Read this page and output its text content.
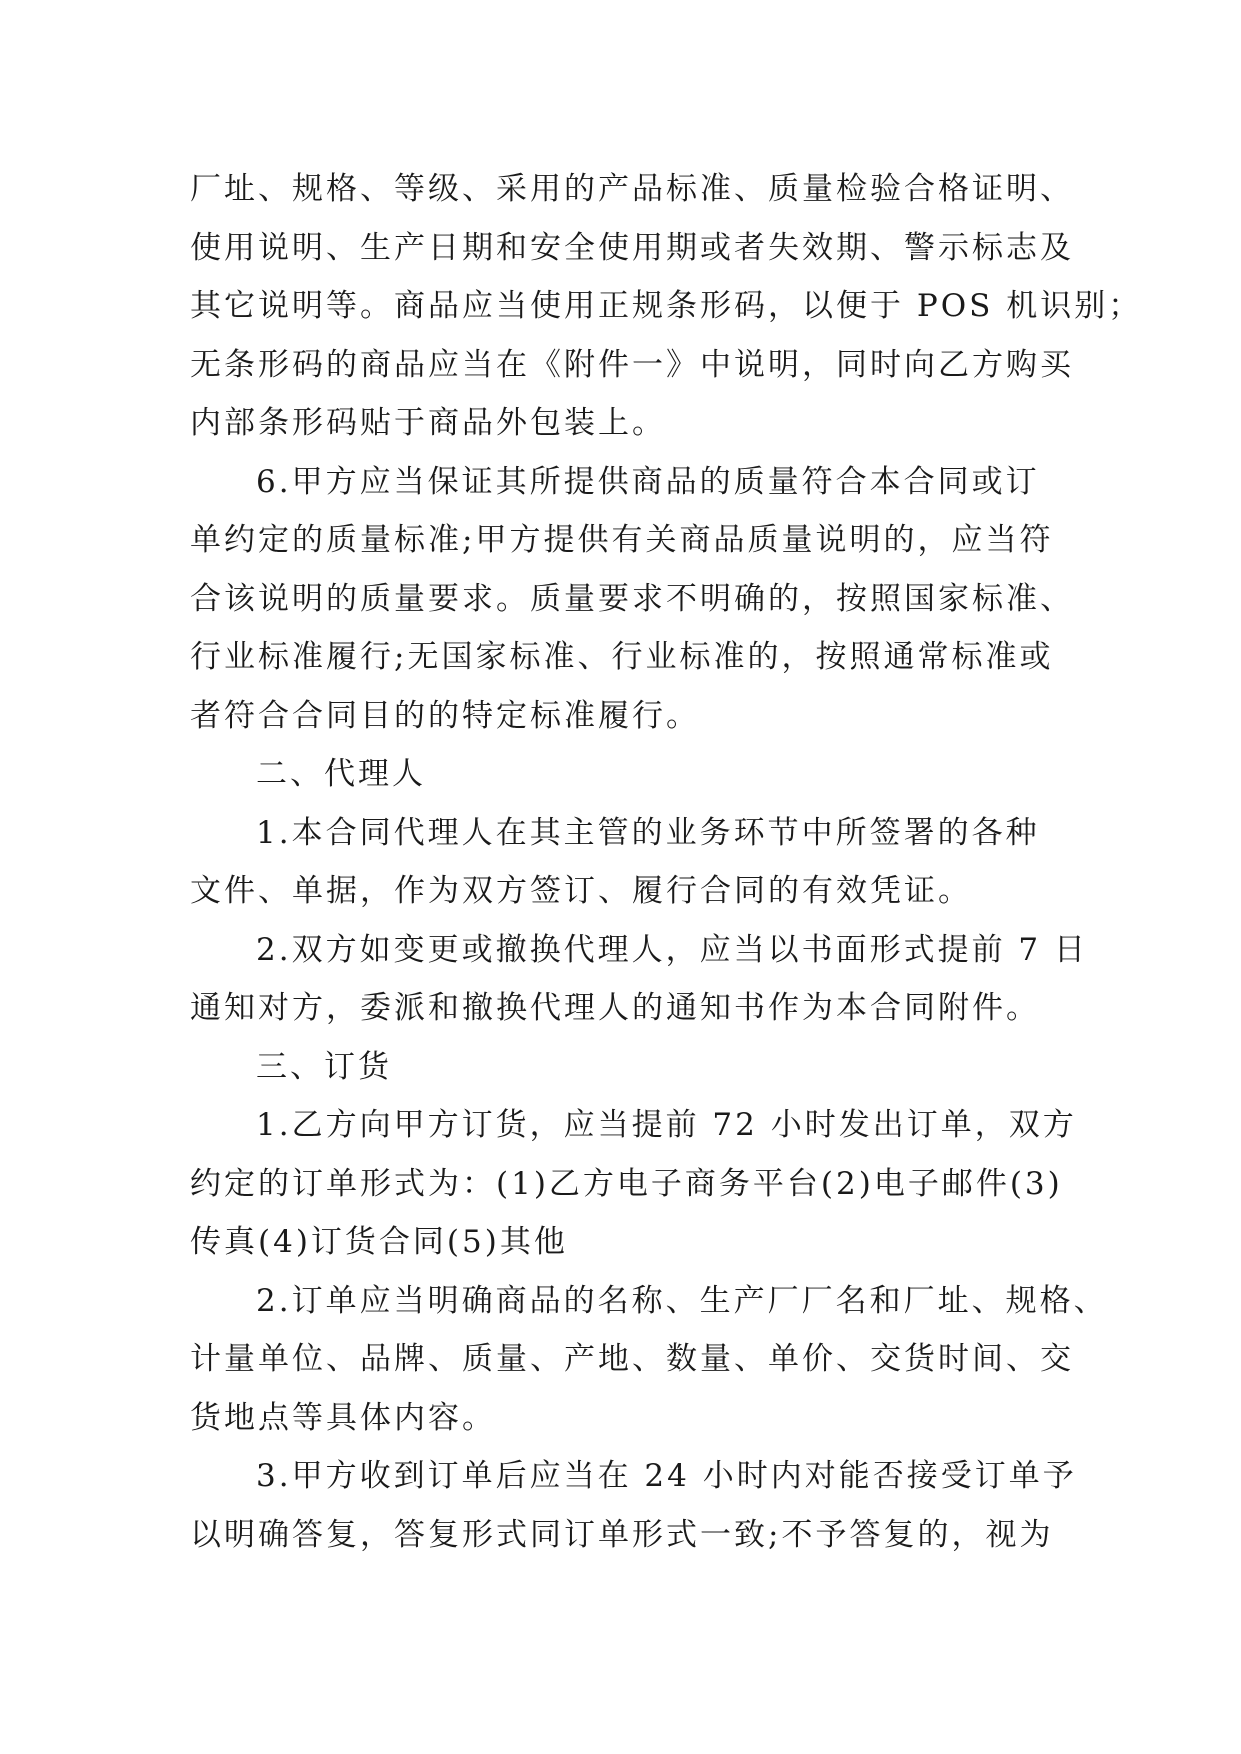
厂址、规格、等级、采用的产品标准、质量检验合格证明、
使用说明、生产日期和安全使用期或者失效期、警示标志及
其它说明等。商品应当使用正规条形码，以便于 POS 机识别；
无条形码的商品应当在《附件一》中说明，同时向乙方购买
内部条形码贴于商品外包装上。
6.甲方应当保证其所提供商品的质量符合本合同或订
单约定的质量标准;甲方提供有关商品质量说明的，应当符
合该说明的质量要求。质量要求不明确的，按照国家标准、
行业标准履行;无国家标准、行业标准的，按照通常标准或
者符合合同目的的特定标准履行。
二、代理人
1.本合同代理人在其主管的业务环节中所签署的各种
文件、单据，作为双方签订、履行合同的有效凭证。
2.双方如变更或撤换代理人，应当以书面形式提前 7 日
通知对方，委派和撤换代理人的通知书作为本合同附件。
三、订货
1.乙方向甲方订货，应当提前 72 小时发出订单，双方
约定的订单形式为：(1)乙方电子商务平台(2)电子邮件(3)
传真(4)订货合同(5)其他
2.订单应当明确商品的名称、生产厂厂名和厂址、规格、
计量单位、品牌、质量、产地、数量、单价、交货时间、交
货地点等具体内容。
3.甲方收到订单后应当在 24 小时内对能否接受订单予
以明确答复，答复形式同订单形式一致;不予答复的，视为
